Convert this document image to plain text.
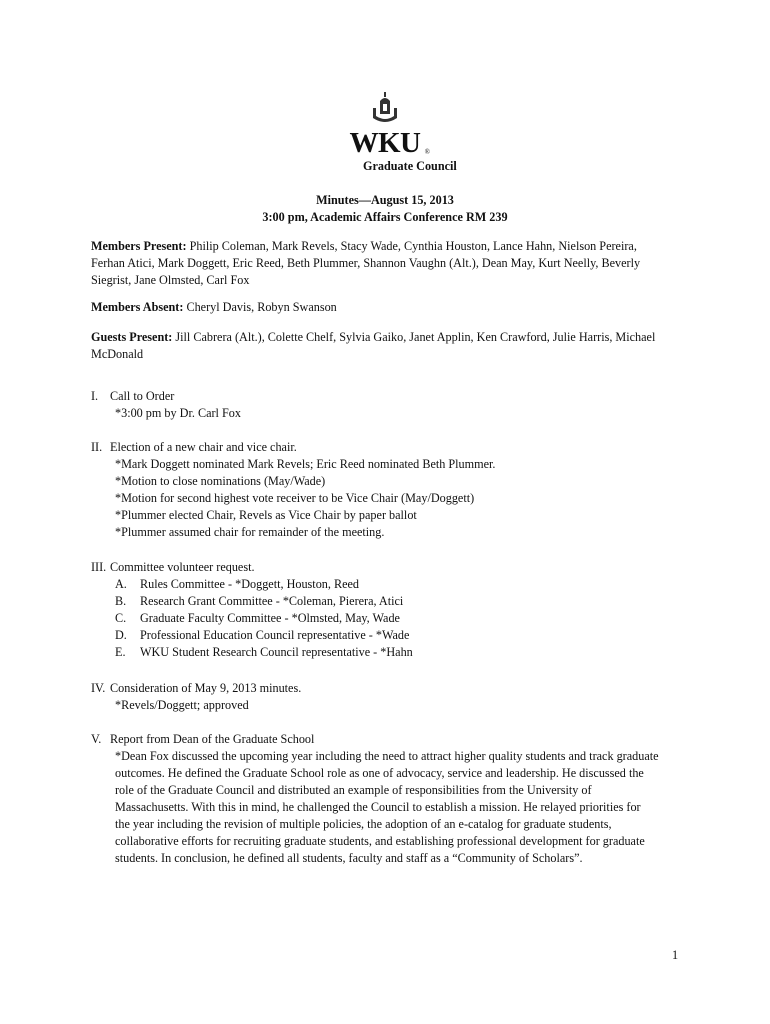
WKU ®
Graduate Council
Minutes—August 15, 2013
3:00 pm, Academic Affairs Conference RM 239
Members Present: Philip Coleman, Mark Revels, Stacy Wade, Cynthia Houston, Lance Hahn, Nielson Pereira,
Ferhan Atici, Mark Doggett, Eric Reed, Beth Plummer, Shannon Vaughn (Alt.), Dean May, Kurt Neelly, Beverly
Siegrist, Jane Olmsted, Carl Fox
Members Absent: Cheryl Davis, Robyn Swanson
Guests Present: Jill Cabrera (Alt.), Colette Chelf, Sylvia Gaiko, Janet Applin, Ken Crawford, Julie Harris, Michael
McDonald
I. Call to Order
*3:00 pm by Dr. Carl Fox
II. Election of a new chair and vice chair.
*Mark Doggett nominated Mark Revels; Eric Reed nominated Beth Plummer.
*Motion to close nominations (May/Wade)
*Motion for second highest vote receiver to be Vice Chair (May/Doggett)
*Plummer elected Chair, Revels as Vice Chair by paper ballot
*Plummer assumed chair for remainder of the meeting.
III. Committee volunteer request.
A. Rules Committee - *Doggett, Houston, Reed
B. Research Grant Committee - *Coleman, Pierera, Atici
C. Graduate Faculty Committee - *Olmsted, May, Wade
D. Professional Education Council representative - *Wade
E. WKU Student Research Council representative - *Hahn
IV. Consideration of May 9, 2013 minutes.
*Revels/Doggett; approved
V. Report from Dean of the Graduate School
*Dean Fox discussed the upcoming year including the need to attract higher quality students and track graduate
outcomes. He defined the Graduate School role as one of advocacy, service and leadership. He discussed the
role of the Graduate Council and distributed an example of responsibilities from the University of
Massachusetts. With this in mind, he challenged the Council to establish a mission. He relayed priorities for
the year including the revision of multiple policies, the adoption of an e-catalog for graduate students,
collaborative efforts for recruiting graduate students, and establishing professional development for graduate
students. In conclusion, he defined all students, faculty and staff as a “Community of Scholars”.
1
